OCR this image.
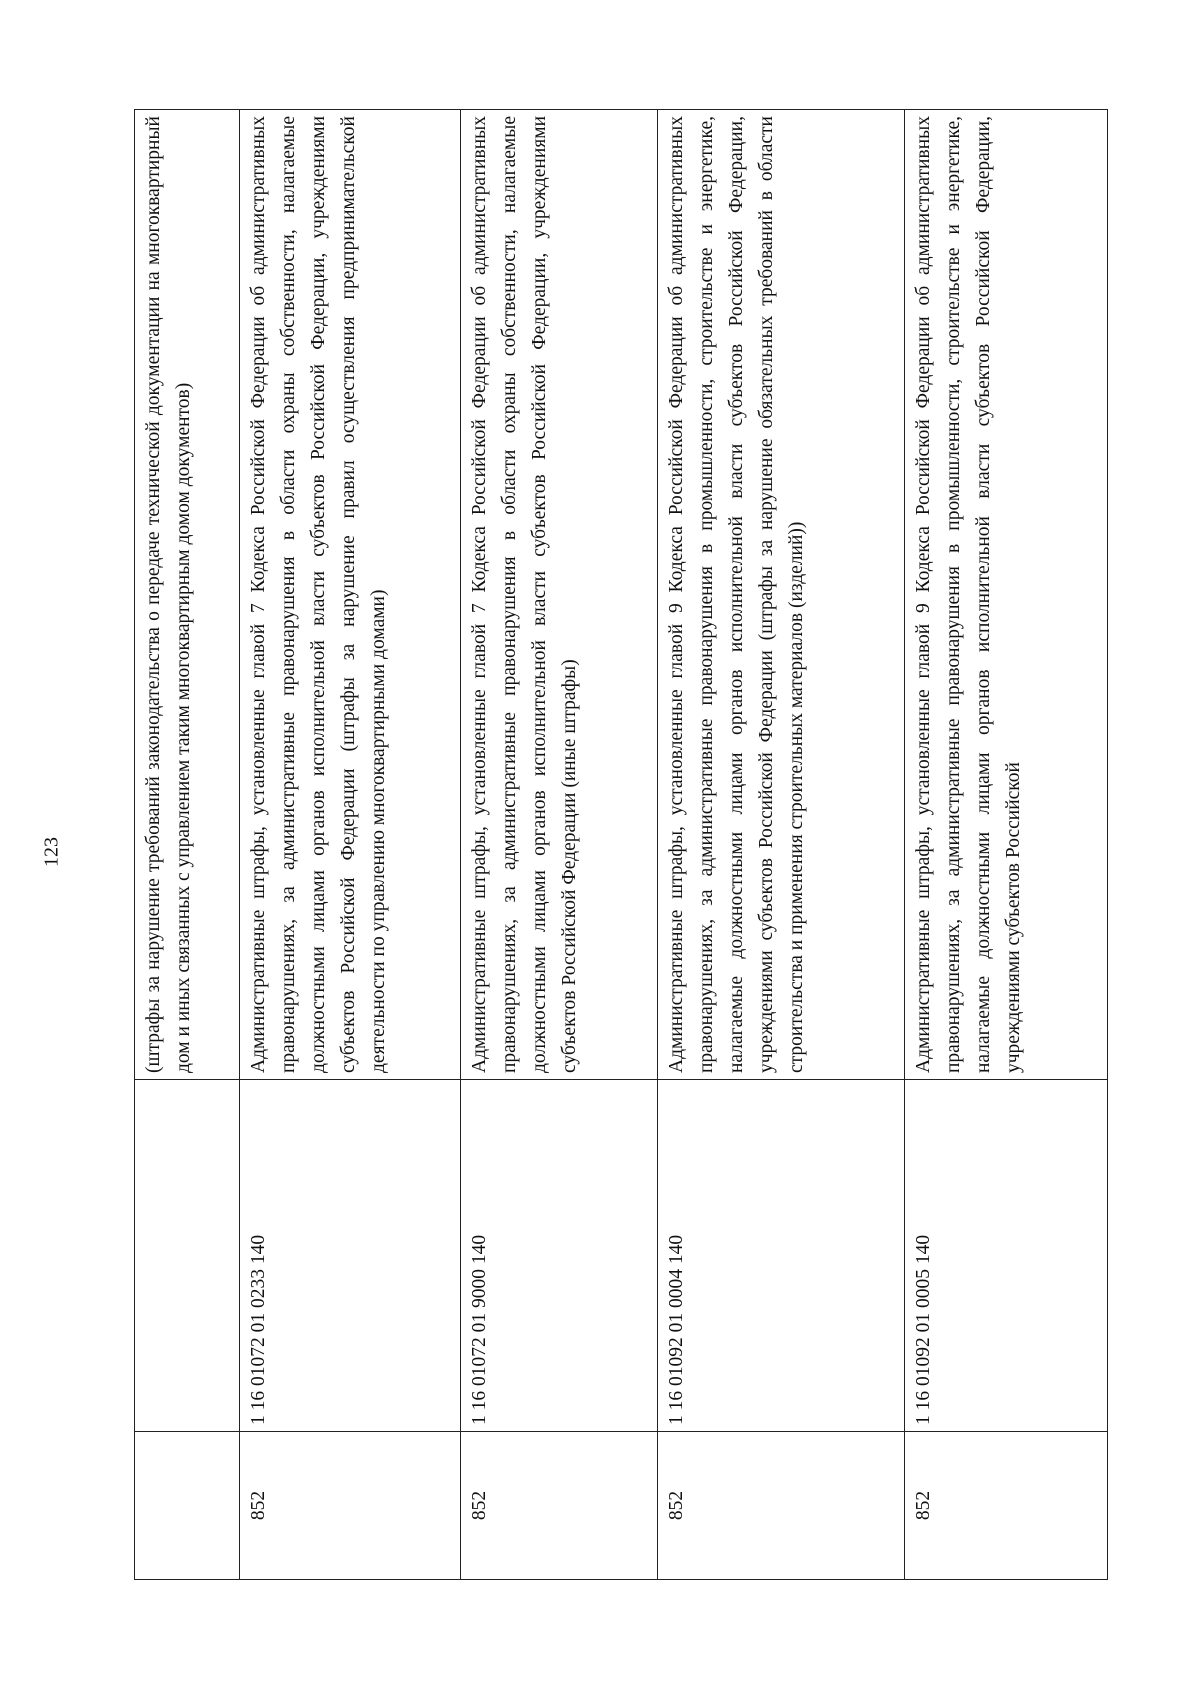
123
			(штрафы за нарушение требований законодательства о передаче технической документации на многоквартирный дом и иных связанных с управлением таким многоквартирным домом документов)
852	1 16 01072 01 0233 140	Административные штрафы, установленные главой 7 Кодекса Российской Федерации об административных правонарушениях, за административные правонарушения в области охраны собственности, налагаемые должностными лицами органов исполнительной власти субъектов Российской Федерации, учреждениями субъектов Российской Федерации (штрафы за нарушение правил осуществления предпринимательской деятельности по управлению многоквартирными домами)
852	1 16 01072 01 9000 140	Административные штрафы, установленные главой 7 Кодекса Российской Федерации об административных правонарушениях, за административные правонарушения в области охраны собственности, налагаемые должностными лицами органов исполнительной власти субъектов Российской Федерации, учреждениями субъектов Российской Федерации (иные штрафы)
852	1 16 01092 01 0004 140	Административные штрафы, установленные главой 9 Кодекса Российской Федерации об административных правонарушениях, за административные правонарушения в промышленности, строительстве и энергетике, налагаемые должностными лицами органов исполнительной власти субъектов Российской Федерации, учреждениями субъектов Российской Федерации (штрафы за нарушение обязательных требований в области строительства и применения строительных материалов (изделий))
852	1 16 01092 01 0005 140	Административные штрафы, установленные главой 9 Кодекса Российской Федерации об административных правонарушениях, за административные правонарушения в промышленности, строительстве и энергетике, налагаемые должностными лицами органов исполнительной власти субъектов Российской Федерации, учреждениями субъектов Российской
